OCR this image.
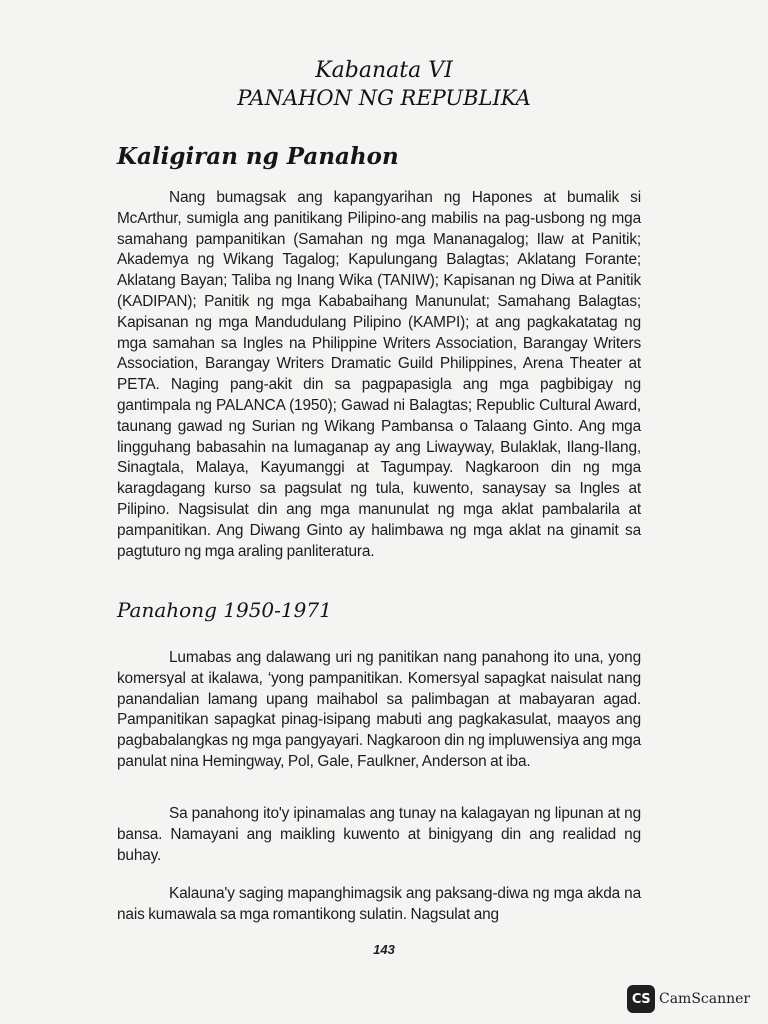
Kabanata VI
PANAHON NG REPUBLIKA
Kaligiran ng Panahon

Nang bumagsak ang kapangyarihan ng Hapones at bumalik si McArthur, sumigla ang panitikang Pilipino-ang mabilis na pag-usbong ng mga samahang pampanitikan (Samahan ng mga Mananagalog; Ilaw at Panitik; Akademya ng Wikang Tagalog; Kapulungang Balagtas; Aklatang Forante; Aklatang Bayan; Taliba ng Inang Wika (TANIW); Kapisanan ng Diwa at Panitik (KADIPAN); Panitik ng mga Kababaihang Manunulat; Samahang Balagtas; Kapisanan ng mga Mandudulang Pilipino (KAMPI); at ang pagkakatatag ng mga samahan sa Ingles na Philippine Writers Association, Barangay Writers Association, Barangay Writers Dramatic Guild Philippines, Arena Theater at PETA. Naging pang-akit din sa pagpapasigla ang mga pagbibigay ng gantimpala ng PALANCA (1950); Gawad ni Balagtas; Republic Cultural Award, taunang gawad ng Surian ng Wikang Pambansa o Talaang Ginto. Ang mga lingguhang babasahin na lumaganap ay ang Liwayway, Bulaklak, Ilang-Ilang, Sinagtala, Malaya, Kayumanggi at Tagumpay. Nagkaroon din ng mga karagdagang kurso sa pagsulat ng tula, kuwento, sanaysay sa Ingles at Pilipino. Nagsisulat din ang mga manunulat ng mga aklat pambalarila at pampanitikan. Ang Diwang Ginto ay halimbawa ng mga aklat na ginamit sa pagtuturo ng mga araling panliteratura.

Panahong 1950-1971

Lumabas ang dalawang uri ng panitikan nang panahong ito una, yong komersyal at ikalawa, ‘yong pampanitikan. Komersyal sapagkat naisulat nang panandalian lamang upang maihabol sa palimbagan at mabayaran agad. Pampanitikan sapagkat pinag-isipang mabuti ang pagkakasulat, maayos ang pagbabalangkas ng mga pangyayari. Nagkaroon din ng impluwensiya ang mga panulat nina Hemingway, Pol, Gale, Faulkner, Anderson at iba.

Sa panahong ito'y ipinamalas ang tunay na kalagayan ng lipunan at ng bansa. Namayani ang maikling kuwento at binigyang din ang realidad ng buhay.

Kalauna'y saging mapanghimagsik ang paksang-diwa ng mga akda na nais kumawala sa mga romantikong sulatin. Nagsulat ang

143
CS CamScanner
